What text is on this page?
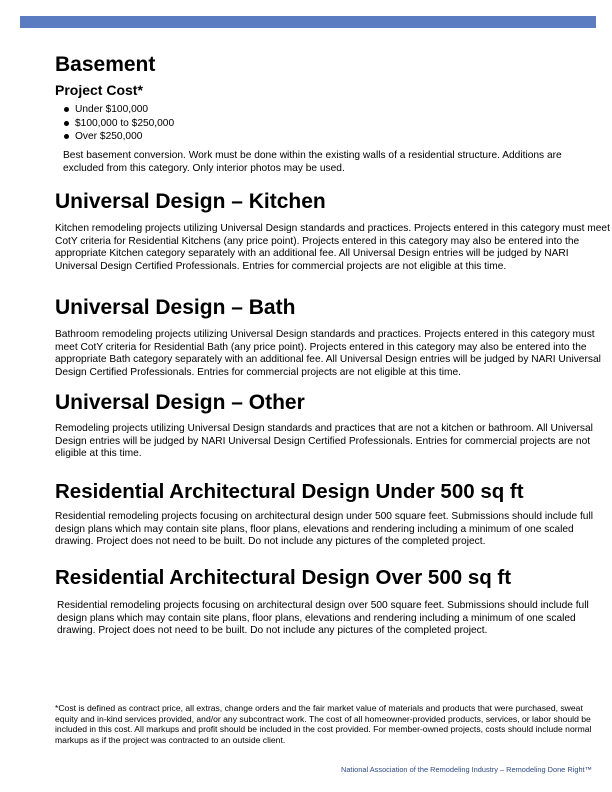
Basement
Project Cost*
Under $100,000
$100,000 to $250,000
Over $250,000

Best basement conversion. Work must be done within the existing walls of a residential structure. Additions are excluded from this category. Only interior photos may be used.

Universal Design – Kitchen

Kitchen remodeling projects utilizing Universal Design standards and practices. Projects entered in this category must meet CotY criteria for Residential Kitchens (any price point). Projects entered in this category may also be entered into the appropriate Kitchen category separately with an additional fee. All Universal Design entries will be judged by NARI Universal Design Certified Professionals. Entries for commercial projects are not eligible at this time.

Universal Design – Bath

Bathroom remodeling projects utilizing Universal Design standards and practices. Projects entered in this category must meet CotY criteria for Residential Bath (any price point). Projects entered in this category may also be entered into the appropriate Bath category separately with an additional fee. All Universal Design entries will be judged by NARI Universal Design Certified Professionals. Entries for commercial projects are not eligible at this time.

Universal Design – Other

Remodeling projects utilizing Universal Design standards and practices that are not a kitchen or bathroom. All Universal Design entries will be judged by NARI Universal Design Certified Professionals. Entries for commercial projects are not eligible at this time.

Residential Architectural Design Under 500 sq ft

Residential remodeling projects focusing on architectural design under 500 square feet. Submissions should include full design plans which may contain site plans, floor plans, elevations and rendering including a minimum of one scaled drawing. Project does not need to be built. Do not include any pictures of the completed project.

Residential Architectural Design Over 500 sq ft

Residential remodeling projects focusing on architectural design over 500 square feet. Submissions should include full design plans which may contain site plans, floor plans, elevations and rendering including a minimum of one scaled drawing. Project does not need to be built. Do not include any pictures of the completed project.

*Cost is defined as contract price, all extras, change orders and the fair market value of materials and products that were purchased, sweat equity and in-kind services provided, and/or any subcontract work. The cost of all homeowner-provided products, services, or labor should be included in this cost. All markups and profit should be included in the cost provided. For member-owned projects, costs should include normal markups as if the project was contracted to an outside client.

National Association of the Remodeling Industry – Remodeling Done Right™
